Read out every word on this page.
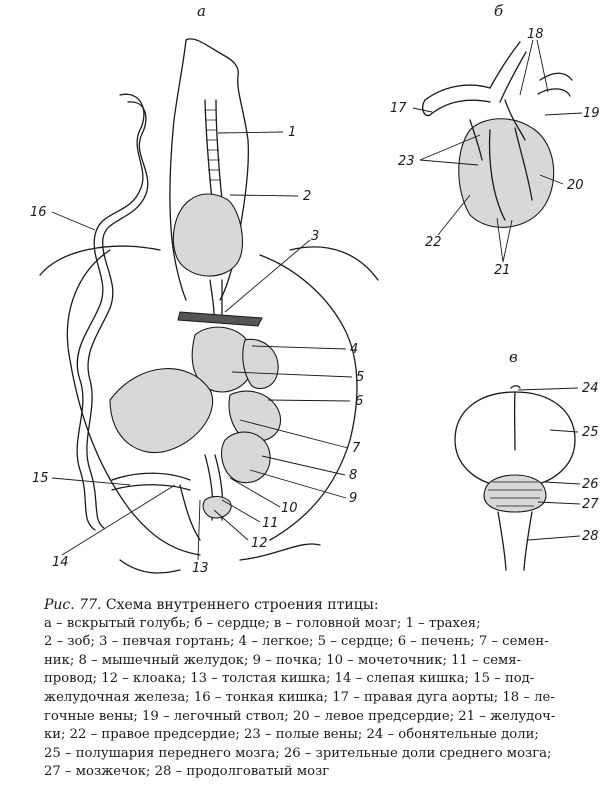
а	б
в
1
2
3
4
5
6
7
8
9
10
11
12
13
14
15
16
18
17	19
20
23
22
21
24
25
26
27
28
Рис. 77. Схема внутреннего строения птицы:
а – вскрытый голубь; б – сердце; в – головной мозг; 1 – трахея;
2 – зоб; 3 – певчая гортань; 4 – легкое; 5 – сердце; 6 – печень; 7 – семен-
ник; 8 – мышечный желудок; 9 – почка; 10 – мочеточник; 11 – семя-
провод; 12 – клоака; 13 – толстая кишка; 14 – слепая кишка; 15 – под-
желудочная железа; 16 – тонкая кишка; 17 – правая дуга аорты; 18 – ле-
гочные вены; 19 – легочный ствол; 20 – левое предсердие; 21 – желудоч-
ки; 22 – правое предсердие; 23 – полые вены; 24 – обонятельные доли;
25 – полушария переднего мозга; 26 – зрительные доли среднего мозга;
27 – мозжечок; 28 – продолговатый мозг
